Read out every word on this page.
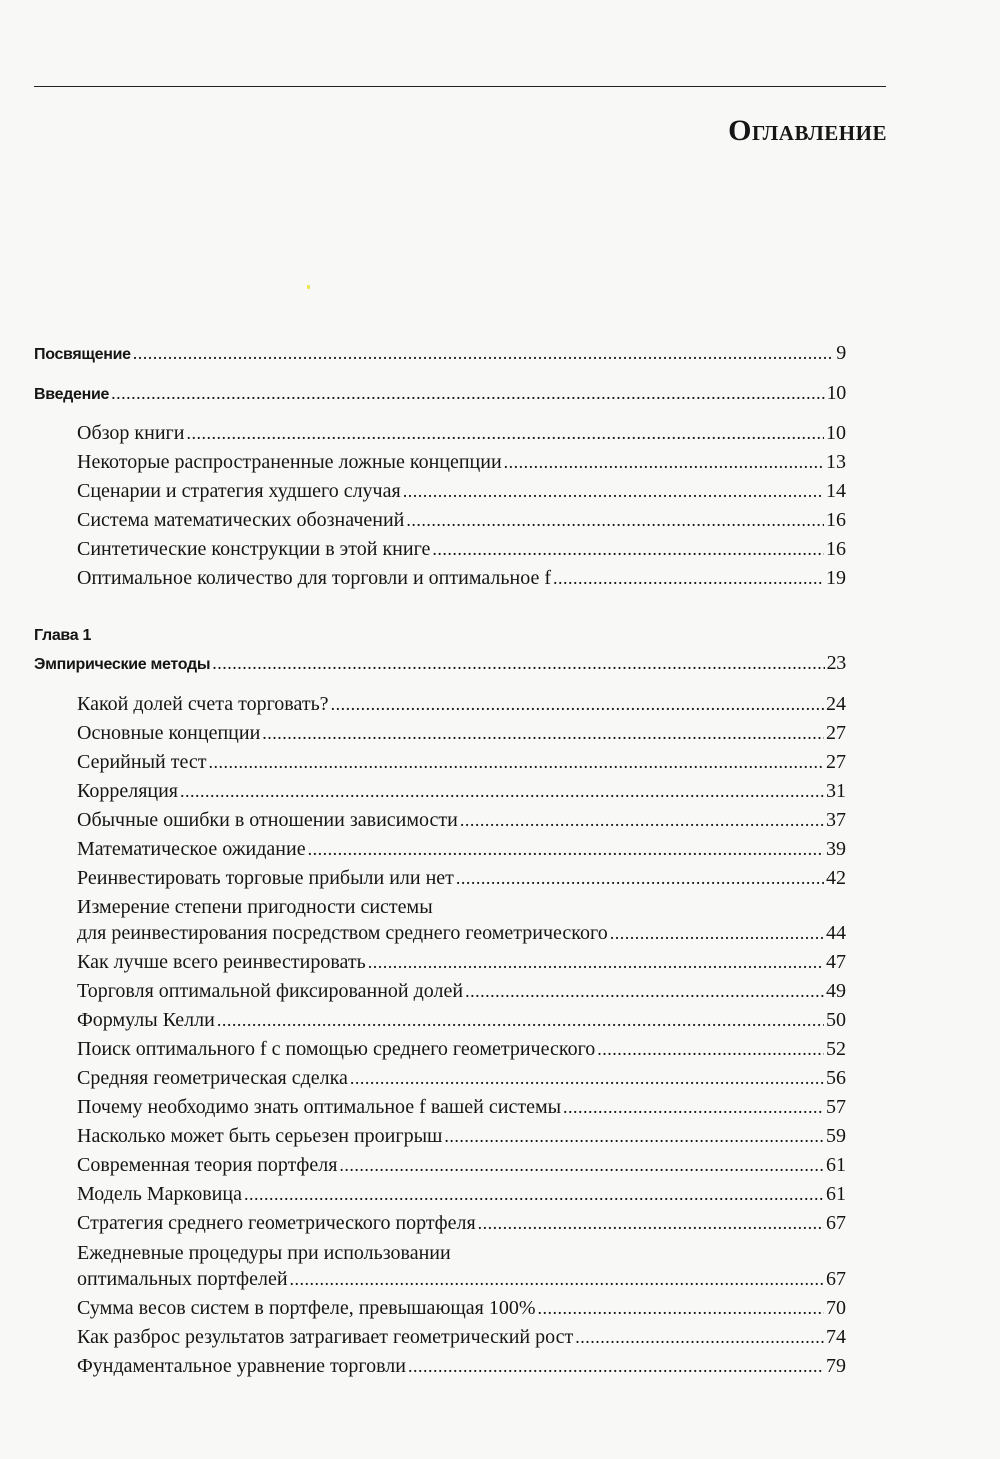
Оглавление
Посвящение .....	9
Введение .....	10
Обзор книги .....	10
Некоторые распространенные ложные концепции .....	13
Сценарии и стратегия худшего случая .....	14
Система математических обозначений .....	16
Синтетические конструкции в этой книге .....	16
Оптимальное количество для торговли и оптимальное f .....	19
Глава 1
Эмпирические методы .....	23
Какой долей счета торговать? .....	24
Основные концепции .....	27
Серийный тест .....	27
Корреляция .....	31
Обычные ошибки в отношении зависимости .....	37
Математическое ожидание .....	39
Реинвестировать торговые прибыли или нет .....	42
Измерение степени пригодности системы
для реинвестирования посредством среднего геометрического .....	44
Как лучше всего реинвестировать .....	47
Торговля оптимальной фиксированной долей .....	49
Формулы Келли .....	50
Поиск оптимального f с помощью среднего геометрического .....	52
Средняя геометрическая сделка .....	56
Почему необходимо знать оптимальное f вашей системы .....	57
Насколько может быть серьезен проигрыш .....	59
Современная теория портфеля .....	61
Модель Марковица .....	61
Стратегия среднего геометрического портфеля .....	67
Ежедневные процедуры при использовании
оптимальных портфелей .....	67
Сумма весов систем в портфеле, превышающая 100% .....	70
Как разброс результатов затрагивает геометрический рост .....	74
Фундаментальное уравнение торговли .....	79
